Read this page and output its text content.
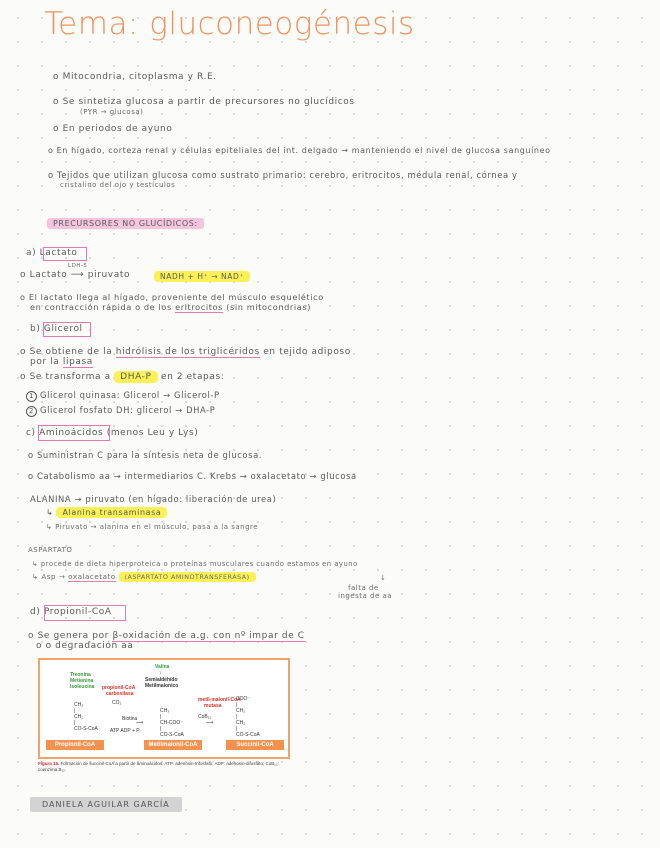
Tema: gluconeogénesis
o Mitocondria, citoplasma y R.E.
o Se sintetiza glucosa a partir de precursores no glucídicos
(PYR → glucosa)
o En periodos de ayuno
o En hígado, corteza renal y células epiteliales del int. delgado → manteniendo el nivel de glucosa sanguíneo
o Tejidos que utilizan glucosa como sustrato primario: cerebro, eritrocitos, médula renal, córnea y
cristalino del ojo y testículos
PRECURSORES NO GLUCÍDICOS:
a) Lactato
LDH-5
o Lactato ⟶ piruvato	NADH + H⁺ → NAD⁺
o El lactato llega al hígado, proveniente del músculo esquelético
en contracción rápida o de los eritrocitos (sin mitocondrias)
b) Glicerol
o Se obtiene de la hidrólisis de los triglicéridos en tejido adiposo
por la lipasa
o Se transforma a DHA-P en 2 etapas:
1 Glicerol quinasa: Glicerol → Glicerol-P
2 Glicerol fosfato DH: glicerol → DHA-P
c) Aminoácidos (menos Leu y Lys)
o Suministran C para la síntesis neta de glucosa.
o Catabolismo aa → intermediarios C. Krebs → oxalacetato → glucosa
ALANINA → piruvato (en hígado: liberación de urea)
↳ Alanina transaminasa
↳ Piruvato → alanina en el músculo, pasa a la sangre
ASPARTATO
↳ procede de dieta hiperproteica o proteínas musculares cuando estamos en ayuno
↳ Asp → oxalacetato (ASPARTATO AMINOTRANSFERASA)	↓
falta de
ingesta de aa
d) Propionil-CoA
o Se genera por β-oxidación de a.g. con nº impar de C
o o degradación aa
Treonina
Metionina
Isoleucina
Valina
↓
Semialdehído
Metilmalonico
propionil-CoA
carboxilasa
metil-malonil-CoA
mutasa
CO₂
Biotina
ATP ADP + Pᵢ
CoB₁₂
CH₃
|
CH₂
|
CO-S-CoA
CH₃
|
CH-COO⁻
|
CO-S-CoA
COO⁻
|
CH₂
|
CH₂
|
CO-S-CoA
⟶	⟶
Propionil-CoA	Metilmalonil-CoA	Succinil-CoA
Figura 15. Formación de succinil-CoA a partir de aminoácidos. ATP: adenosin-trifosfato; ADP: adenosin-difosfato; CoB₁₂: coenzima B₁₂.
DANIELA AGUILAR GARCÍA
